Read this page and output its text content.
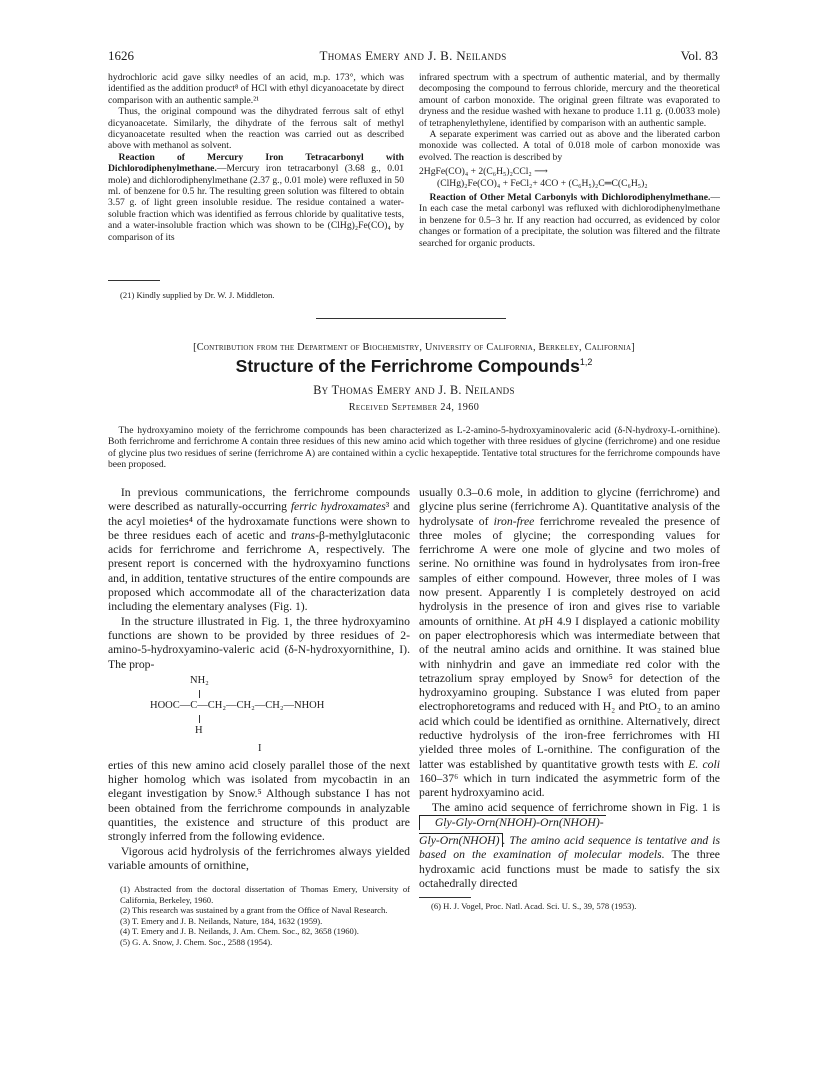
1626	Thomas Emery and J. B. Neilands	Vol. 83

hydrochloric acid gave silky needles of an acid, m.p. 173°, which was identified as the addition product⁸ of HCl with ethyl dicyanoacetate by direct comparison with an authentic sample.²¹

Thus, the original compound was the dihydrated ferrous salt of ethyl dicyanoacetate. Similarly, the dihydrate of the ferrous salt of methyl dicyanoacetate resulted when the reaction was carried out as described above with methanol as solvent.

Reaction of Mercury Iron Tetracarbonyl with Dichlorodiphenylmethane.—Mercury iron tetracarbonyl (3.68 g., 0.01 mole) and dichlorodiphenylmethane (2.37 g., 0.01 mole) were refluxed in 50 ml. of benzene for 0.5 hr. The resulting green solution was filtered to obtain 3.57 g. of light green insoluble residue. The residue contained a water-soluble fraction which was identified as ferrous chloride by qualitative tests, and a water-insoluble fraction which was shown to be (ClHg)₂Fe(CO)₄ by comparison of its

(21) Kindly supplied by Dr. W. J. Middleton.

infrared spectrum with a spectrum of authentic material, and by thermally decomposing the compound to ferrous chloride, mercury and the theoretical amount of carbon monoxide. The original green filtrate was evaporated to dryness and the residue washed with hexane to produce 1.11 g. (0.0033 mole) of tetraphenylethylene, identified by comparison with an authentic sample.

A separate experiment was carried out as above and the liberated carbon monoxide was collected. A total of 0.018 mole of carbon monoxide was evolved. The reaction is described by

2HgFe(CO)₄ + 2(C₆H₅)₂CCl₂ ⟶

(ClHg)₂Fe(CO)₄ + FeCl₂+ 4CO + (C₆H₅)₂C═C(C₆H₅)₂

Reaction of Other Metal Carbonyls with Dichlorodiphenylmethane.—In each case the metal carbonyl was refluxed with dichlorodiphenylmethane in benzene for 0.5–3 hr. If any reaction had occurred, as evidenced by color changes or formation of a precipitate, the solution was filtered and the filtrate searched for organic products.

[Contribution from the Department of Biochemistry, University of California, Berkeley, California]
Structure of the Ferrichrome Compounds$^{1,2}$
By Thomas Emery and J. B. Neilands
Received September 24, 1960
The hydroxyamino moiety of the ferrichrome compounds has been characterized as L-2-amino-5-hydroxyaminovaleric acid (δ-N-hydroxy-L-ornithine). Both ferrichrome and ferrichrome A contain three residues of this new amino acid which together with three residues of glycine (ferrichrome) and one residue of glycine plus two residues of serine (ferrichrome A) are contained within a cyclic hexapeptide. Tentative total structures for the ferrichrome compounds have been proposed.

In previous communications, the ferrichrome compounds were described as naturally-occurring ferric hydroxamates³ and the acyl moieties⁴ of the hydroxamate functions were shown to be three residues each of acetic and trans-β-methylglutaconic acids for ferrichrome and ferrichrome A, respectively. The present report is concerned with the hydroxyamino functions and, in addition, tentative structures of the entire compounds are proposed which accommodate all of the characterization data including the elementary analyses (Fig. 1).

In the structure illustrated in Fig. 1, the three hydroxyamino functions are shown to be provided by three residues of 2-amino-5-hydroxyamino-valeric acid (δ-N-hydroxyornithine, I). The prop-

NH₂
HOOC—C—CH₂—CH₂—CH₂—NHOH
H
I

erties of this new amino acid closely parallel those of the next higher homolog which was isolated from mycobactin in an elegant investigation by Snow.⁵ Although substance I has not been obtained from the ferrichrome compounds in analyzable quantities, the existence and structure of this product are strongly inferred from the following evidence.

Vigorous acid hydrolysis of the ferrichromes always yielded variable amounts of ornithine,

(1) Abstracted from the doctoral dissertation of Thomas Emery, University of California, Berkeley, 1960.

(2) This research was sustained by a grant from the Office of Naval Research.

(3) T. Emery and J. B. Neilands, Nature, 184, 1632 (1959).

(4) T. Emery and J. B. Neilands, J. Am. Chem. Soc., 82, 3658 (1960).

(5) G. A. Snow, J. Chem. Soc., 2588 (1954).

usually 0.3–0.6 mole, in addition to glycine (ferrichrome) and glycine plus serine (ferrichrome A). Quantitative analysis of the hydrolysate of iron-free ferrichrome revealed the presence of three moles of glycine; the corresponding values for ferrichrome A were one mole of glycine and two moles of serine. No ornithine was found in hydrolysates from iron-free samples of either compound. However, three moles of I was now present. Apparently I is completely destroyed on acid hydrolysis in the presence of iron and gives rise to variable amounts of ornithine. At pH 4.9 I displayed a cationic mobility on paper electrophoresis which was intermediate between that of the neutral amino acids and ornithine. It was stained blue with ninhydrin and gave an immediate red color with the tetrazolium spray employed by Snow⁵ for detection of the hydroxyamino grouping. Substance I was eluted from paper electrophoretograms and reduced with H₂ and PtO₂ to an amino acid which could be identified as ornithine. Alternatively, direct reductive hydrolysis of the iron-free ferrichromes with HI yielded three moles of L-ornithine. The configuration of the latter was established by quantitative growth tests with E. coli 160–37⁶ which in turn indicated the asymmetric form of the parent hydroxyamino acid.

The amino acid sequence of ferrichrome shown in Fig. 1 is Gly-Gly-Orn(NHOH)-Orn(NHOH)-

Gly-Orn(NHOH) . The amino acid sequence is tentative and is based on the examination of molecular models. The three hydroxamic acid functions must be made to satisfy the six octahedrally directed

(6) H. J. Vogel, Proc. Natl. Acad. Sci. U. S., 39, 578 (1953).
